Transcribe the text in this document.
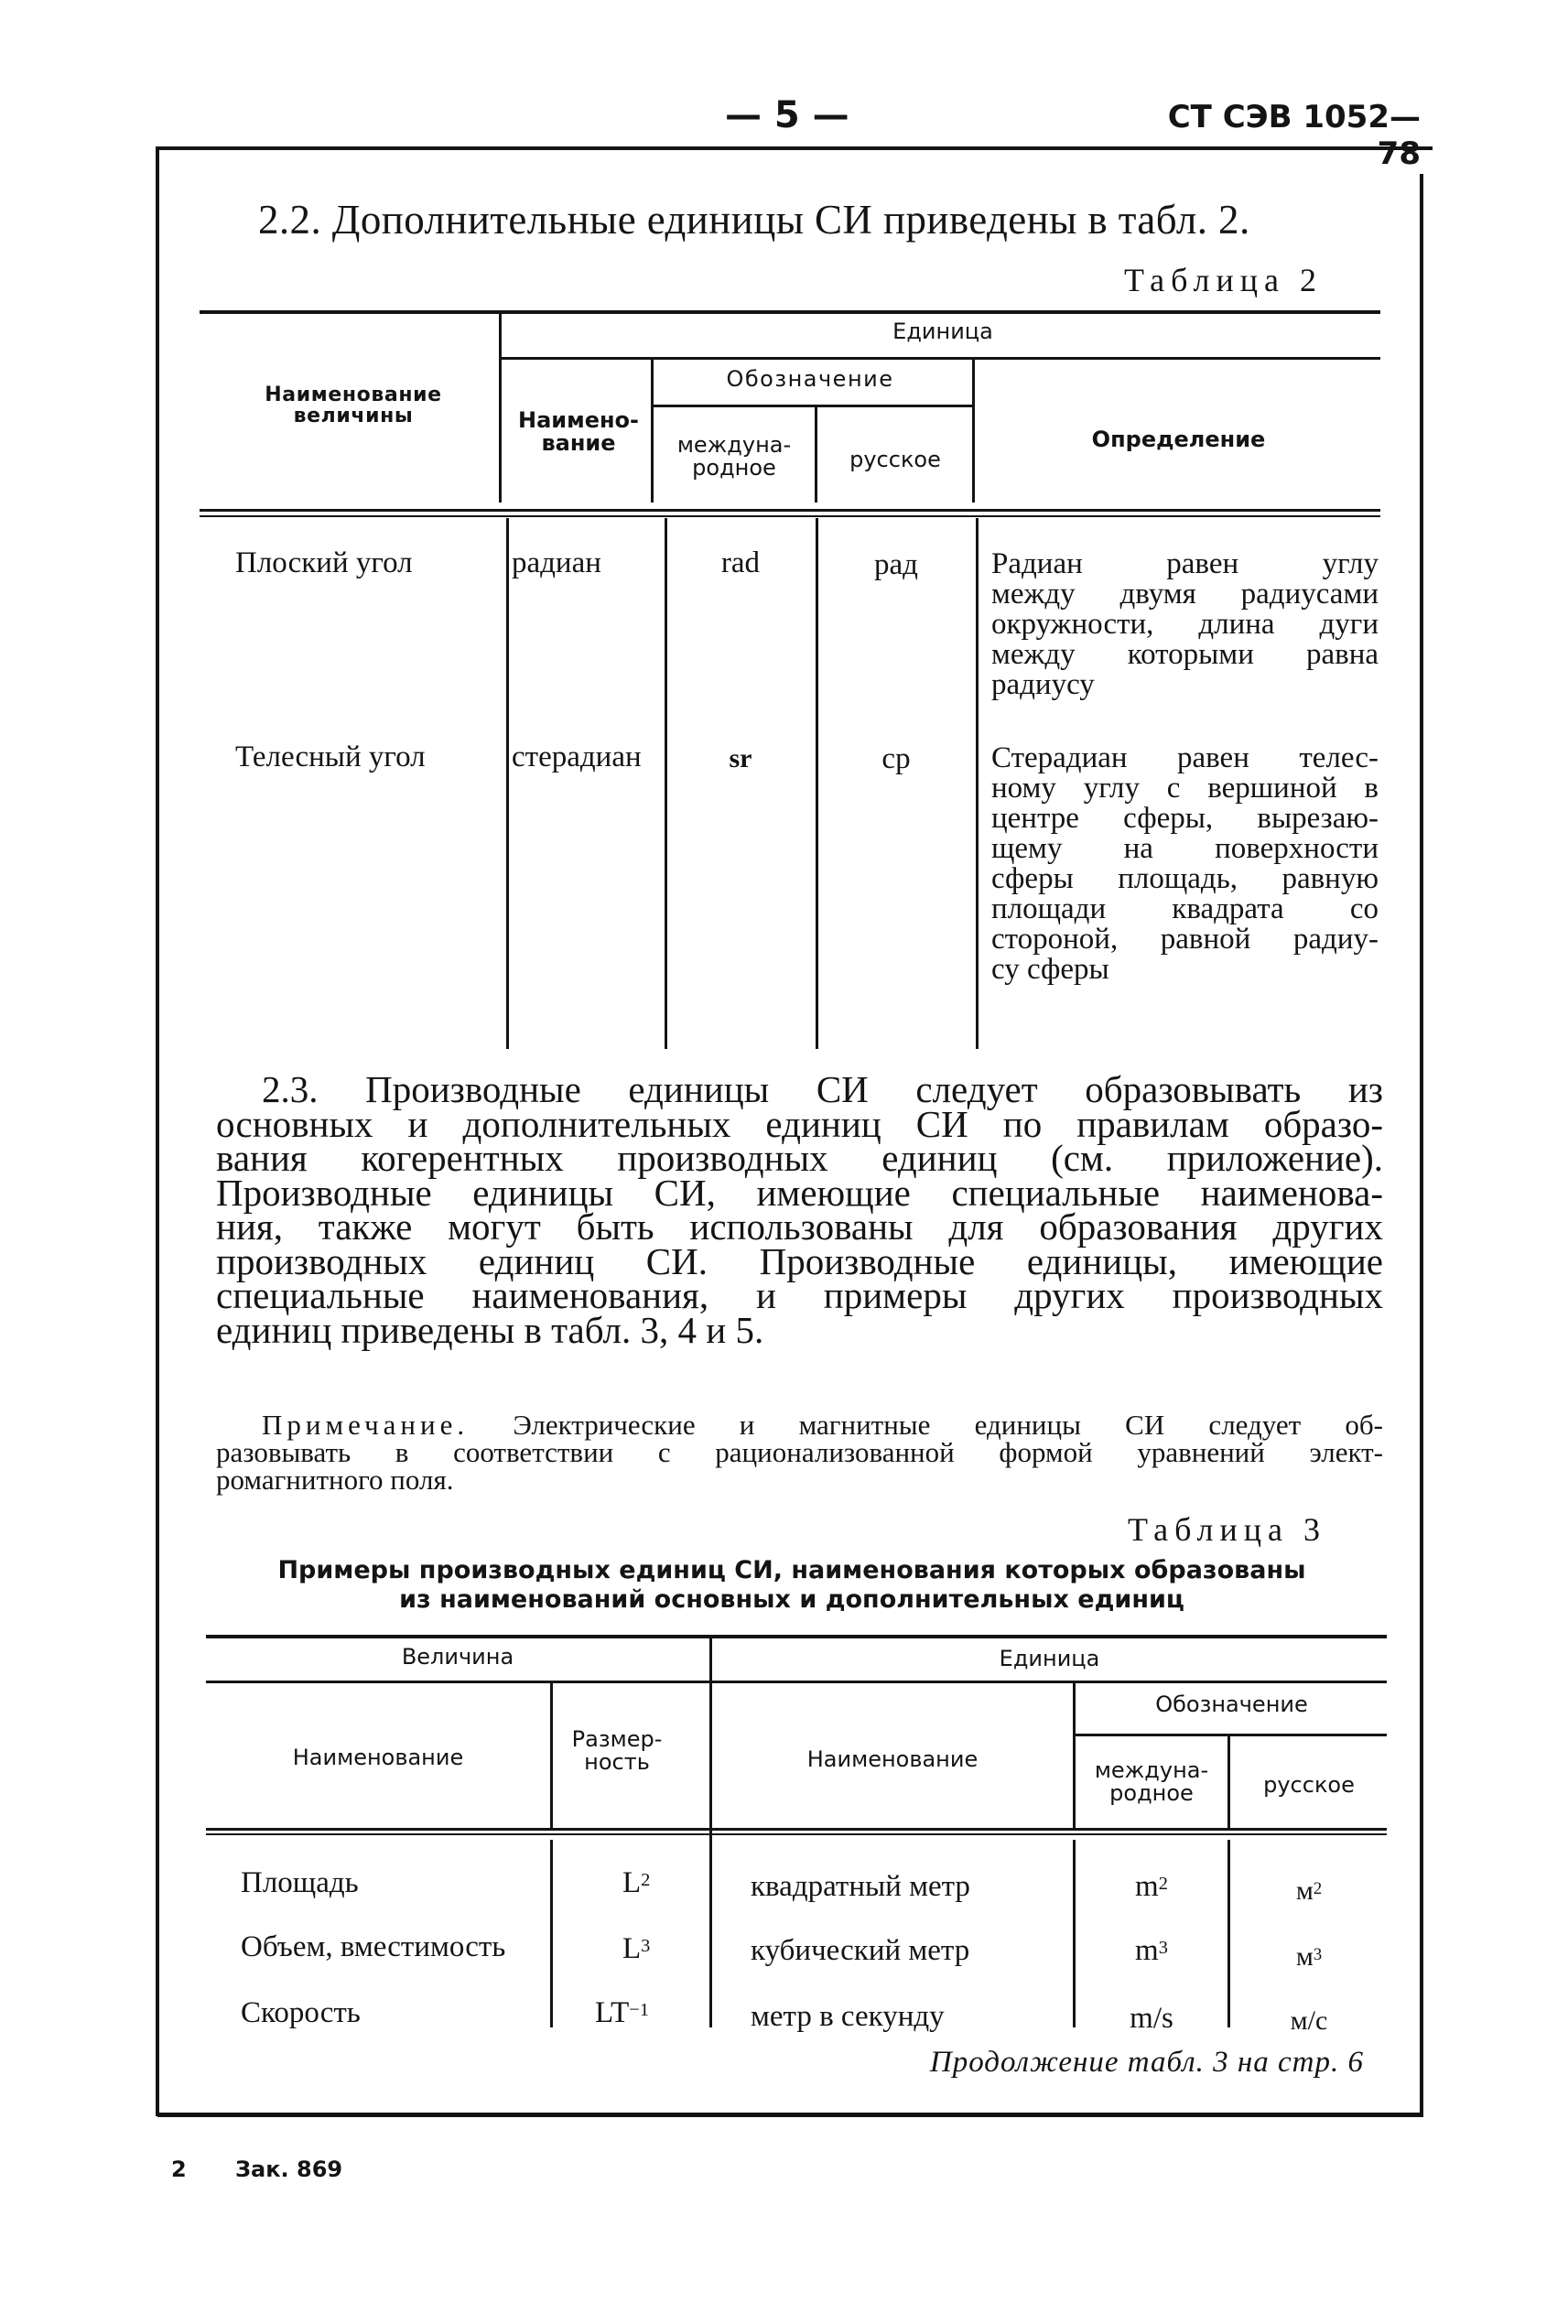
— 5 —	СТ СЭВ 1052—78
2.2. Дополнительные единицы СИ приведены в табл. 2.
Таблица 2
Наименование величины
Единица
Наимено-вание
Обозначение
междуна-родное	русское
Определение
Плоский угол	радиан	rad	рад	Радиан равен углу
между двумя радиусами
окружности, длина дуги
между которыми равна
радиусу
Телесный угол	стерадиан	sr	ср	Стерадиан равен телес-
ному углу с вершиной в
центре сферы, вырезаю-
щему на поверхности
сферы площадь, равную
площади квадрата со
стороной, равной радиу-
су сферы
2.3. Производные единицы СИ следует образовывать из
основных и дополнительных единиц СИ по правилам образо-
вания когерентных производных единиц (см. приложение).
Производные единицы СИ, имеющие специальные наименова-
ния, также могут быть использованы для образования других
производных единиц СИ. Производные единицы, имеющие
специальные наименования, и примеры других производных
единиц приведены в табл. 3, 4 и 5.
Примечание. Электрические и магнитные единицы СИ следует об-
разовывать в соответствии с рационализованной формой уравнений элект-
ромагнитного поля.
Таблица 3
Примеры производных единиц СИ, наименования которых образованы
из наименований основных и дополнительных единиц
Величина	Единица
Наименование
Размер-ность	Наименование
Обозначение
междуна-родное	русское
Площадь	$L^2$	квадратный метр	$m^2$	$м^2$
Объем, вместимость	$L^3$	кубический метр	$m^3$	$м^3$
Скорость	$LT^{-1}$	метр в секунду	m/s	м/с
Продолжение табл. 3 на стр. 6
2 Зак. 869
